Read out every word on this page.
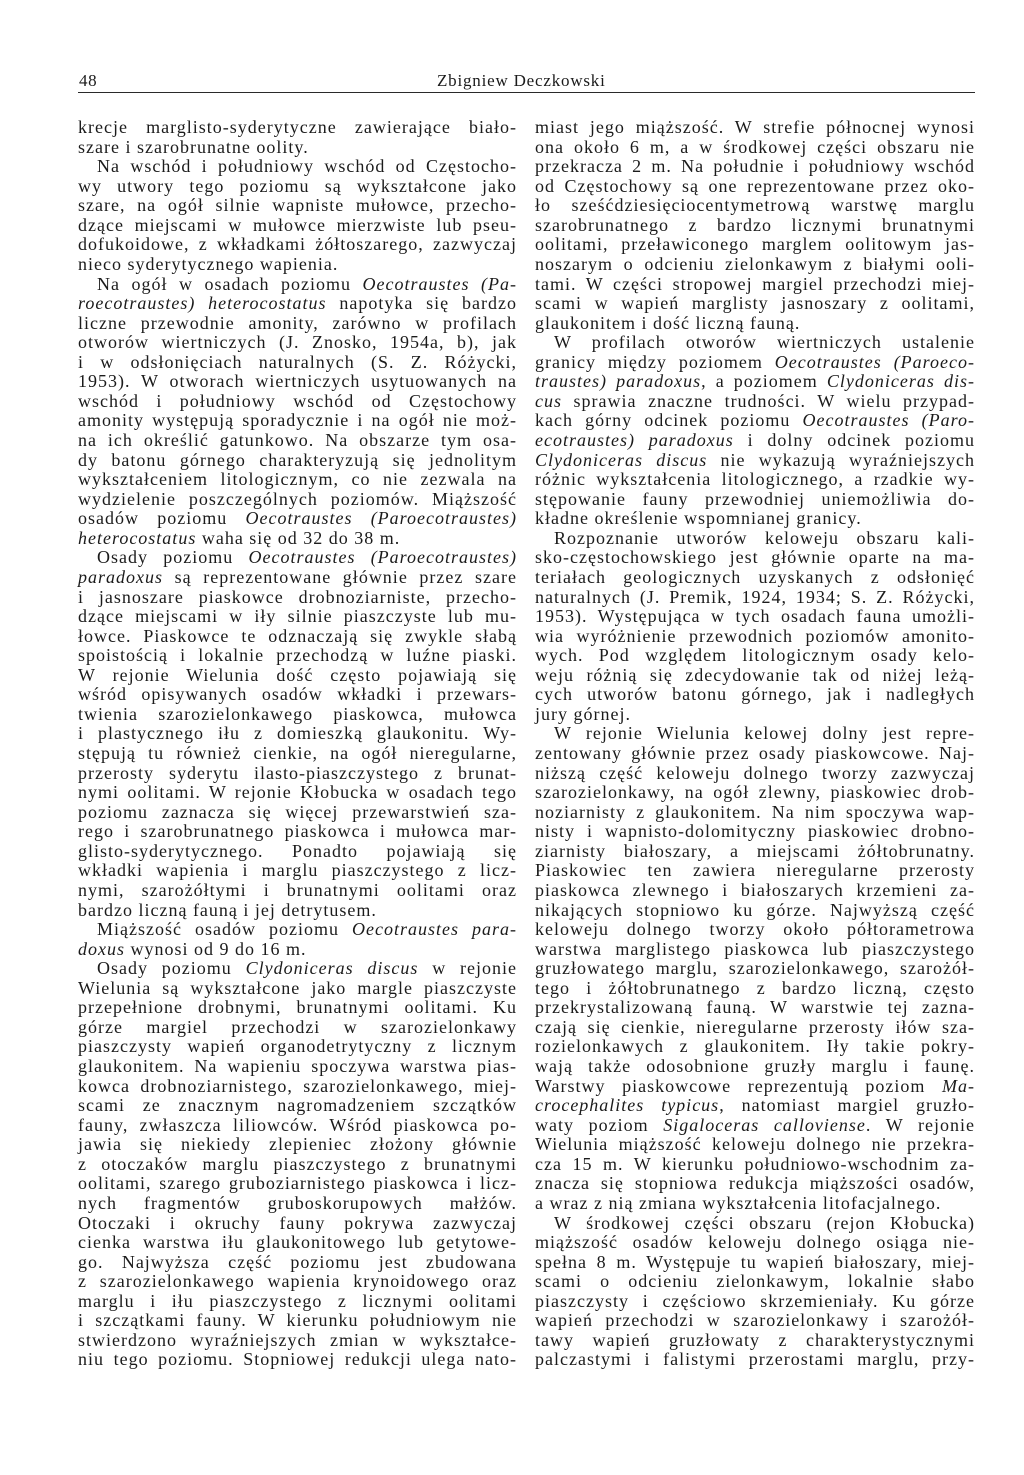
48	Zbigniew Deczkowski
krecje marglisto-syderytyczne zawierające biało-
szare i szarobrunatne oolity.
Na wschód i południowy wschód od Częstocho-
wy utwory tego poziomu są wykształcone jako
szare, na ogół silnie wapniste mułowce, przecho-
dzące miejscami w mułowce mierzwiste lub pseu-
dofukoidowe, z wkładkami żółtoszarego, zazwyczaj
nieco syderytycznego wapienia.
Na ogół w osadach poziomu Oecotraustes (Pa-
roecotraustes) heterocostatus napotyka się bardzo
liczne przewodnie amonity, zarówno w profilach
otworów wiertniczych (J. Znosko, 1954a, b), jak
i w odsłonięciach naturalnych (S. Z. Różycki,
1953). W otworach wiertniczych usytuowanych na
wschód i południowy wschód od Częstochowy
amonity występują sporadycznie i na ogół nie moż-
na ich określić gatunkowo. Na obszarze tym osa-
dy batonu górnego charakteryzują się jednolitym
wykształceniem litologicznym, co nie zezwala na
wydzielenie poszczególnych poziomów. Miąższość
osadów poziomu Oecotraustes (Paroecotraustes)
heterocostatus waha się od 32 do 38 m.
Osady poziomu Oecotraustes (Paroecotraustes)
paradoxus są reprezentowane głównie przez szare
i jasnoszare piaskowce drobnoziarniste, przecho-
dzące miejscami w iły silnie piaszczyste lub mu-
łowce. Piaskowce te odznaczają się zwykle słabą
spoistością i lokalnie przechodzą w luźne piaski.
W rejonie Wielunia dość często pojawiają się
wśród opisywanych osadów wkładki i przewars-
twienia szarozielonkawego piaskowca, mułowca
i plastycznego iłu z domieszką glaukonitu. Wy-
stępują tu również cienkie, na ogół nieregularne,
przerosty syderytu ilasto-piaszczystego z brunat-
nymi oolitami. W rejonie Kłobucka w osadach tego
poziomu zaznacza się więcej przewarstwień sza-
rego i szarobrunatnego piaskowca i mułowca mar-
glisto-syderytycznego. Ponadto pojawiają się
wkładki wapienia i marglu piaszczystego z licz-
nymi, szarożółtymi i brunatnymi oolitami oraz
bardzo liczną fauną i jej detrytusem.
Miąższość osadów poziomu Oecotraustes para-
doxus wynosi od 9 do 16 m.
Osady poziomu Clydoniceras discus w rejonie
Wielunia są wykształcone jako margle piaszczyste
przepełnione drobnymi, brunatnymi oolitami. Ku
górze margiel przechodzi w szarozielonkawy
piaszczysty wapień organodetrytyczny z licznym
glaukonitem. Na wapieniu spoczywa warstwa pias-
kowca drobnoziarnistego, szarozielonkawego, miej-
scami ze znacznym nagromadzeniem szczątków
fauny, zwłaszcza liliowców. Wśród piaskowca po-
jawia się niekiedy zlepieniec złożony głównie
z otoczaków marglu piaszczystego z brunatnymi
oolitami, szarego gruboziarnistego piaskowca i licz-
nych fragmentów gruboskorupowych małżów.
Otoczaki i okruchy fauny pokrywa zazwyczaj
cienka warstwa iłu glaukonitowego lub getytowe-
go. Najwyższa część poziomu jest zbudowana
z szarozielonkawego wapienia krynoidowego oraz
marglu i iłu piaszczystego z licznymi oolitami
i szczątkami fauny. W kierunku południowym nie
stwierdzono wyraźniejszych zmian w wykształce-
niu tego poziomu. Stopniowej redukcji ulega nato-
miast jego miąższość. W strefie północnej wynosi
ona około 6 m, a w środkowej części obszaru nie
przekracza 2 m. Na południe i południowy wschód
od Częstochowy są one reprezentowane przez oko-
ło sześćdziesięciocentymetrową warstwę marglu
szarobrunatnego z bardzo licznymi brunatnymi
oolitami, przeławiconego marglem oolitowym jas-
noszarym o odcieniu zielonkawym z białymi ooli-
tami. W części stropowej margiel przechodzi miej-
scami w wapień marglisty jasnoszary z oolitami,
glaukonitem i dość liczną fauną.
W profilach otworów wiertniczych ustalenie
granicy między poziomem Oecotraustes (Paroeco-
traustes) paradoxus, a poziomem Clydoniceras dis-
cus sprawia znaczne trudności. W wielu przypad-
kach górny odcinek poziomu Oecotraustes (Paro-
ecotraustes) paradoxus i dolny odcinek poziomu
Clydoniceras discus nie wykazują wyraźniejszych
różnic wykształcenia litologicznego, a rzadkie wy-
stępowanie fauny przewodniej uniemożliwia do-
kładne określenie wspomnianej granicy.
Rozpoznanie utworów keloweju obszaru kali-
sko-częstochowskiego jest głównie oparte na ma-
teriałach geologicznych uzyskanych z odsłonięć
naturalnych (J. Premik, 1924, 1934; S. Z. Różycki,
1953). Występująca w tych osadach fauna umożli-
wia wyróżnienie przewodnich poziomów amonito-
wych. Pod względem litologicznym osady kelo-
weju różnią się zdecydowanie tak od niżej leżą-
cych utworów batonu górnego, jak i nadległych
jury górnej.
W rejonie Wielunia kelowej dolny jest repre-
zentowany głównie przez osady piaskowcowe. Naj-
niższą część keloweju dolnego tworzy zazwyczaj
szarozielonkawy, na ogół zlewny, piaskowiec drob-
noziarnisty z glaukonitem. Na nim spoczywa wap-
nisty i wapnisto-dolomityczny piaskowiec drobno-
ziarnisty białoszary, a miejscami żółtobrunatny.
Piaskowiec ten zawiera nieregularne przerosty
piaskowca zlewnego i białoszarych krzemieni za-
nikających stopniowo ku górze. Najwyższą część
keloweju dolnego tworzy około półtorametrowa
warstwa marglistego piaskowca lub piaszczystego
gruzłowatego marglu, szarozielonkawego, szarożół-
tego i żółtobrunatnego z bardzo liczną, często
przekrystalizowaną fauną. W warstwie tej zazna-
czają się cienkie, nieregularne przerosty iłów sza-
rozielonkawych z glaukonitem. Iły takie pokry-
wają także odosobnione gruzły marglu i faunę.
Warstwy piaskowcowe reprezentują poziom Ma-
crocephalites typicus, natomiast margiel gruzło-
waty poziom Sigaloceras calloviense. W rejonie
Wielunia miąższość keloweju dolnego nie przekra-
cza 15 m. W kierunku południowo-wschodnim za-
znacza się stopniowa redukcja miąższości osadów,
a wraz z nią zmiana wykształcenia litofacjalnego.
W środkowej części obszaru (rejon Kłobucka)
miąższość osadów keloweju dolnego osiąga nie-
spełna 8 m. Występuje tu wapień białoszary, miej-
scami o odcieniu zielonkawym, lokalnie słabo
piaszczysty i częściowo skrzemieniały. Ku górze
wapień przechodzi w szarozielonkawy i szarożół-
tawy wapień gruzłowaty z charakterystycznymi
palczastymi i falistymi przerostami marglu, przy-
